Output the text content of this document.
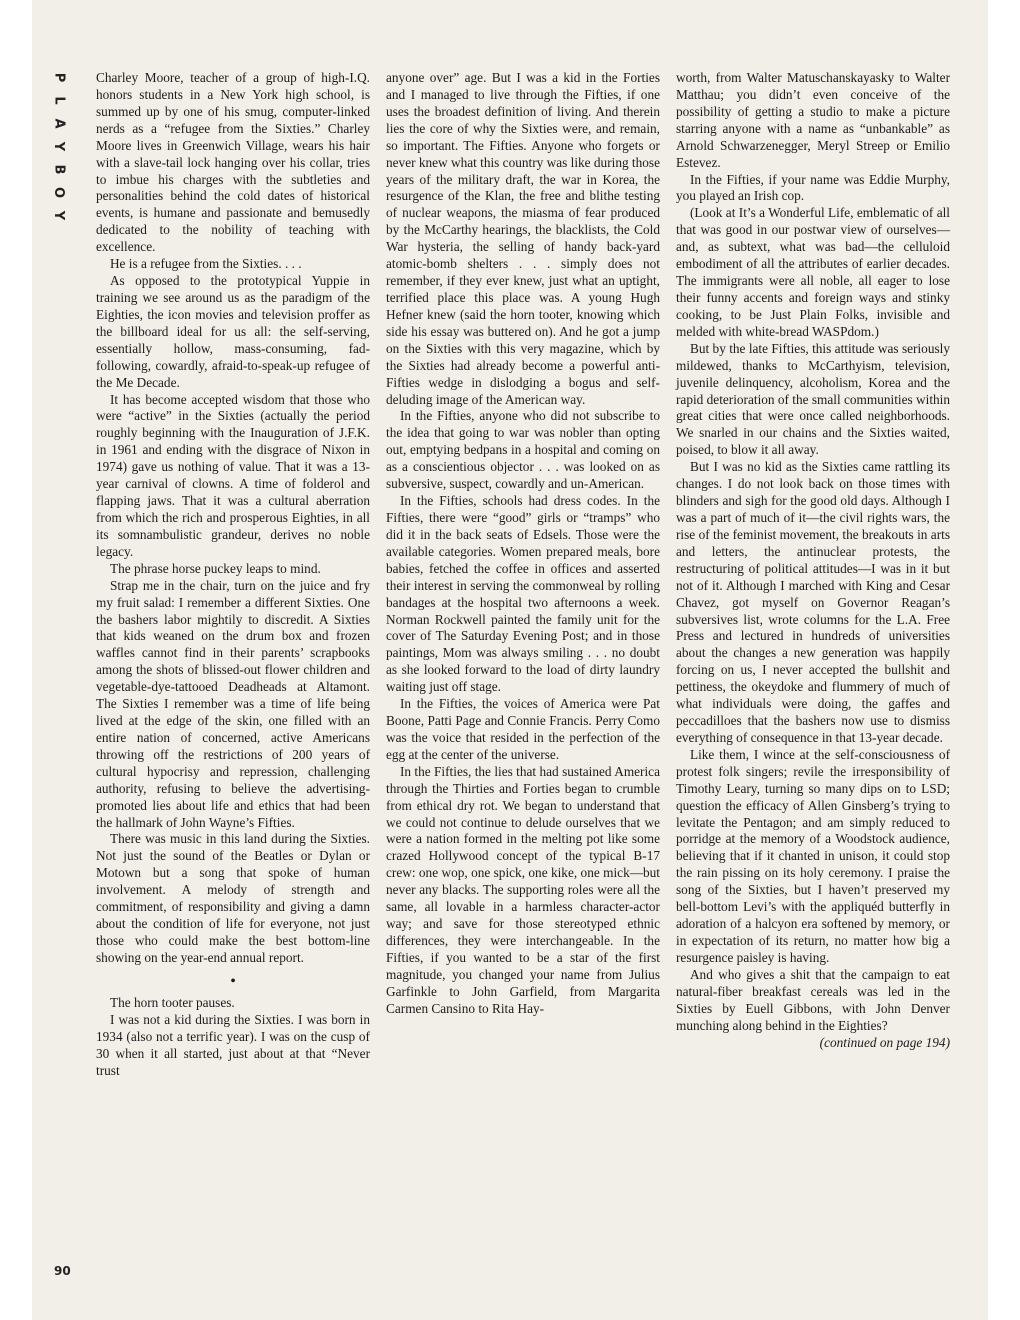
P
L
A
Y
B
O
Y
90

Charley Moore, teacher of a group of high-I.Q. honors students in a New York high school, is summed up by one of his smug, computer-linked nerds as a “refugee from the Sixties.” Charley Moore lives in Greenwich Village, wears his hair with a slave-tail lock hanging over his collar, tries to imbue his charges with the subtleties and personalities behind the cold dates of historical events, is humane and passionate and bemusedly dedicated to the nobility of teaching with excellence.

He is a refugee from the Sixties. . . .

As opposed to the prototypical Yuppie in training we see around us as the paradigm of the Eighties, the icon movies and television proffer as the billboard ideal for us all: the self-serving, essentially hollow, mass-consuming, fad-following, cowardly, afraid-to-speak-up refugee of the Me Decade.

It has become accepted wisdom that those who were “active” in the Sixties (actually the period roughly beginning with the Inauguration of J.F.K. in 1961 and ending with the disgrace of Nixon in 1974) gave us nothing of value. That it was a 13-year carnival of clowns. A time of folderol and flapping jaws. That it was a cultural aberration from which the rich and prosperous Eighties, in all its somnambulistic grandeur, derives no noble legacy.

The phrase horse puckey leaps to mind.

Strap me in the chair, turn on the juice and fry my fruit salad: I remember a different Sixties. One the bashers labor mightily to discredit. A Sixties that kids weaned on the drum box and frozen waffles cannot find in their parents’ scrapbooks among the shots of blissed-out flower children and vegetable-dye-tattooed Deadheads at Altamont. The Sixties I remember was a time of life being lived at the edge of the skin, one filled with an entire nation of concerned, active Americans throwing off the restrictions of 200 years of cultural hypocrisy and repression, challenging authority, refusing to believe the advertising-promoted lies about life and ethics that had been the hallmark of John Wayne’s Fifties.

There was music in this land during the Sixties. Not just the sound of the Beatles or Dylan or Motown but a song that spoke of human involvement. A melody of strength and commitment, of responsibility and giving a damn about the condition of life for everyone, not just those who could make the best bottom-line showing on the year-end annual report.

•

The horn tooter pauses.

I was not a kid during the Sixties. I was born in 1934 (also not a terrific year). I was on the cusp of 30 when it all started, just about at that “Never trust

anyone over” age. But I was a kid in the Forties and I managed to live through the Fifties, if one uses the broadest definition of living. And therein lies the core of why the Sixties were, and remain, so important. The Fifties. Anyone who forgets or never knew what this country was like during those years of the military draft, the war in Korea, the resurgence of the Klan, the free and blithe testing of nuclear weapons, the miasma of fear produced by the McCarthy hearings, the blacklists, the Cold War hysteria, the selling of handy back-yard atomic-bomb shelters . . . simply does not remember, if they ever knew, just what an uptight, terrified place this place was. A young Hugh Hefner knew (said the horn tooter, knowing which side his essay was buttered on). And he got a jump on the Sixties with this very magazine, which by the Sixties had already become a powerful anti-Fifties wedge in dislodging a bogus and self-deluding image of the American way.

In the Fifties, anyone who did not subscribe to the idea that going to war was nobler than opting out, emptying bedpans in a hospital and coming on as a conscientious objector . . . was looked on as subversive, suspect, cowardly and un-American.

In the Fifties, schools had dress codes. In the Fifties, there were “good” girls or “tramps” who did it in the back seats of Edsels. Those were the available categories. Women prepared meals, bore babies, fetched the coffee in offices and asserted their interest in serving the commonweal by rolling bandages at the hospital two afternoons a week. Norman Rockwell painted the family unit for the cover of The Saturday Evening Post; and in those paintings, Mom was always smiling . . . no doubt as she looked forward to the load of dirty laundry waiting just off stage.

In the Fifties, the voices of America were Pat Boone, Patti Page and Connie Francis. Perry Como was the voice that resided in the perfection of the egg at the center of the universe.

In the Fifties, the lies that had sustained America through the Thirties and Forties began to crumble from ethical dry rot. We began to understand that we could not continue to delude ourselves that we were a nation formed in the melting pot like some crazed Hollywood concept of the typical B-17 crew: one wop, one spick, one kike, one mick—but never any blacks. The supporting roles were all the same, all lovable in a harmless character-actor way; and save for those stereotyped ethnic differences, they were interchangeable. In the Fifties, if you wanted to be a star of the first magnitude, you changed your name from Julius Garfinkle to John Garfield, from Margarita Carmen Cansino to Rita Hay-

worth, from Walter Matuschanskayasky to Walter Matthau; you didn’t even conceive of the possibility of getting a studio to make a picture starring anyone with a name as “unbankable” as Arnold Schwarzenegger, Meryl Streep or Emilio Estevez.

In the Fifties, if your name was Eddie Murphy, you played an Irish cop.

(Look at It’s a Wonderful Life, emblematic of all that was good in our postwar view of ourselves—and, as subtext, what was bad—the celluloid embodiment of all the attributes of earlier decades. The immigrants were all noble, all eager to lose their funny accents and foreign ways and stinky cooking, to be Just Plain Folks, invisible and melded with white-bread WASPdom.)

But by the late Fifties, this attitude was seriously mildewed, thanks to McCarthyism, television, juvenile delinquency, alcoholism, Korea and the rapid deterioration of the small communities within great cities that were once called neighborhoods. We snarled in our chains and the Sixties waited, poised, to blow it all away.

But I was no kid as the Sixties came rattling its changes. I do not look back on those times with blinders and sigh for the good old days. Although I was a part of much of it—the civil rights wars, the rise of the feminist movement, the breakouts in arts and letters, the antinuclear protests, the restructuring of political attitudes—I was in it but not of it. Although I marched with King and Cesar Chavez, got myself on Governor Reagan’s subversives list, wrote columns for the L.A. Free Press and lectured in hundreds of universities about the changes a new generation was happily forcing on us, I never accepted the bullshit and pettiness, the okeydoke and flummery of much of what individuals were doing, the gaffes and peccadilloes that the bashers now use to dismiss everything of consequence in that 13-year decade.

Like them, I wince at the self-consciousness of protest folk singers; revile the irresponsibility of Timothy Leary, turning so many dips on to LSD; question the efficacy of Allen Ginsberg’s trying to levitate the Pentagon; and am simply reduced to porridge at the memory of a Woodstock audience, believing that if it chanted in unison, it could stop the rain pissing on its holy ceremony. I praise the song of the Sixties, but I haven’t preserved my bell-bottom Levi’s with the appliquéd butterfly in adoration of a halcyon era softened by memory, or in expectation of its return, no matter how big a resurgence paisley is having.

And who gives a shit that the campaign to eat natural-fiber breakfast cereals was led in the Sixties by Euell Gibbons, with John Denver munching along behind in the Eighties?

(continued on page 194)
